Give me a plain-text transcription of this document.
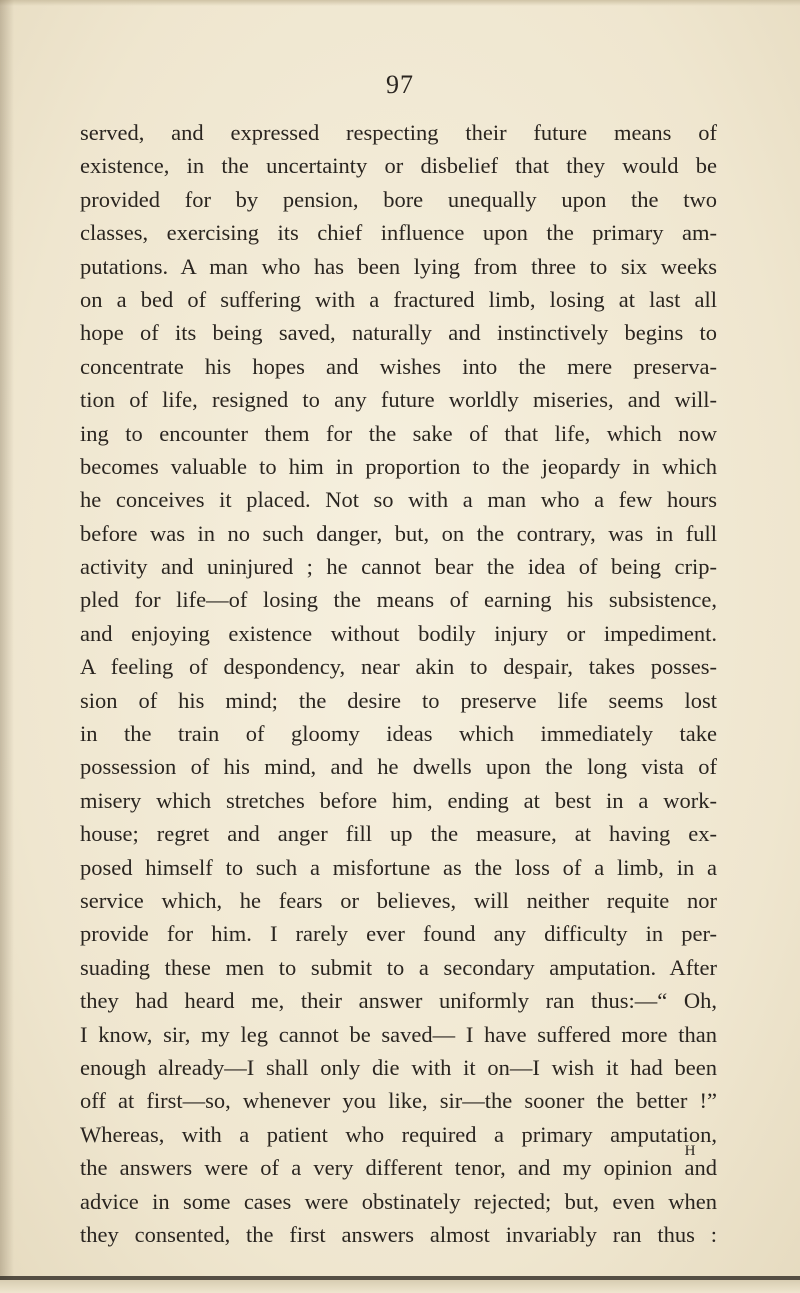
97
served, and expressed respecting their future means of
existence, in the uncertainty or disbelief that they would be
provided for by pension, bore unequally upon the two
classes, exercising its chief influence upon the primary am-
putations. A man who has been lying from three to six weeks
on a bed of suffering with a fractured limb, losing at last all
hope of its being saved, naturally and instinctively begins to
concentrate his hopes and wishes into the mere preserva-
tion of life, resigned to any future worldly miseries, and will-
ing to encounter them for the sake of that life, which now
becomes valuable to him in proportion to the jeopardy in which
he conceives it placed. Not so with a man who a few hours
before was in no such danger, but, on the contrary, was in full
activity and uninjured ; he cannot bear the idea of being crip-
pled for life—of losing the means of earning his subsistence,
and enjoying existence without bodily injury or impediment.
A feeling of despondency, near akin to despair, takes posses-
sion of his mind; the desire to preserve life seems lost
in the train of gloomy ideas which immediately take
possession of his mind, and he dwells upon the long vista of
misery which stretches before him, ending at best in a work-
house; regret and anger fill up the measure, at having ex-
posed himself to such a misfortune as the loss of a limb, in a
service which, he fears or believes, will neither requite nor
provide for him. I rarely ever found any difficulty in per-
suading these men to submit to a secondary amputation. After
they had heard me, their answer uniformly ran thus:—“ Oh,
I know, sir, my leg cannot be saved— I have suffered more than
enough already—I shall only die with it on—I wish it had been
off at first—so, whenever you like, sir—the sooner the better !”
Whereas, with a patient who required a primary amputation,
the answers were of a very different tenor, and my opinion and
advice in some cases were obstinately rejected; but, even when
they consented, the first answers almost invariably ran thus :
H
